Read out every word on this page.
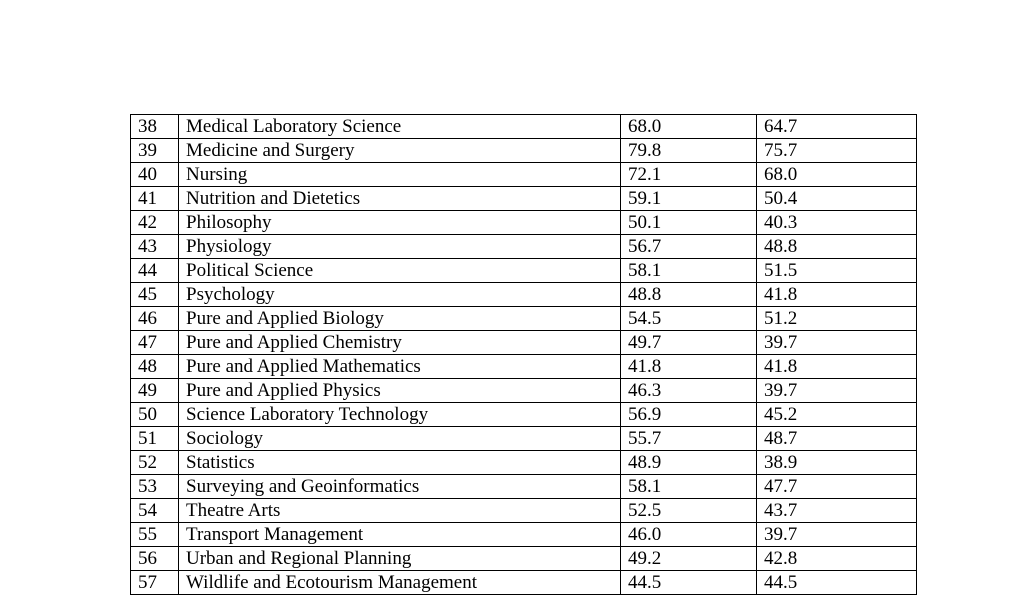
38	Medical Laboratory Science	68.0	64.7
39	Medicine and Surgery	79.8	75.7
40	Nursing	72.1	68.0
41	Nutrition and Dietetics	59.1	50.4
42	Philosophy	50.1	40.3
43	Physiology	56.7	48.8
44	Political Science	58.1	51.5
45	Psychology	48.8	41.8
46	Pure and Applied Biology	54.5	51.2
47	Pure and Applied Chemistry	49.7	39.7
48	Pure and Applied Mathematics	41.8	41.8
49	Pure and Applied Physics	46.3	39.7
50	Science Laboratory Technology	56.9	45.2
51	Sociology	55.7	48.7
52	Statistics	48.9	38.9
53	Surveying and Geoinformatics	58.1	47.7
54	Theatre Arts	52.5	43.7
55	Transport Management	46.0	39.7
56	Urban and Regional Planning	49.2	42.8
57	Wildlife and Ecotourism Management	44.5	44.5
